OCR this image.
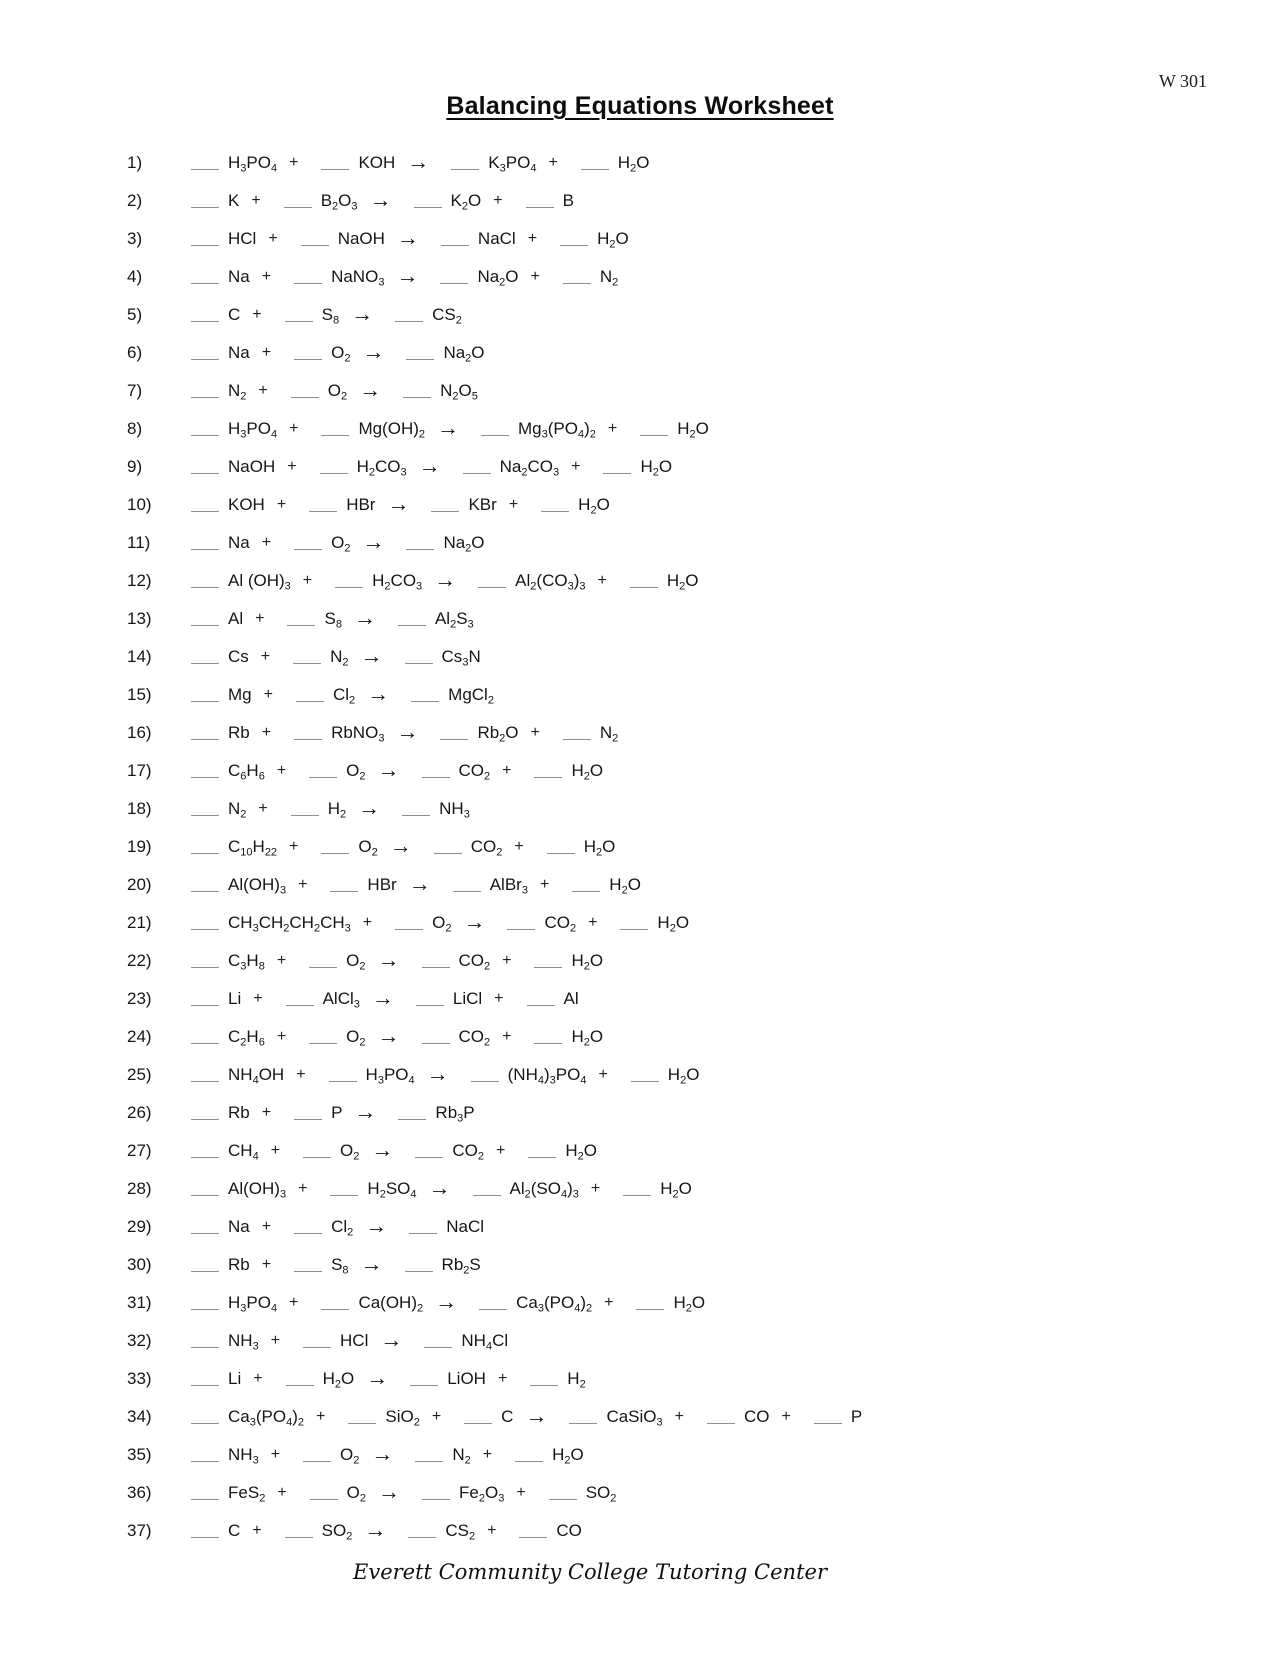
W 301
Balancing Equations Worksheet
1)	$H_3PO_4$ +	KOH →	$K_3PO_4$ +	$H_2O$
2)	K +	$B_2O_3$ →	$K_2O$ +	B
3)	HCl +	NaOH →	NaCl +	$H_2O$
4)	Na +	NaNO$_3$ →	$Na_2O$ +	$N_2$
5)	C +	$S_8$ →	$CS_2$
6)	Na +	$O_2$ →	$Na_2O$
7)	$N_2$ +	$O_2$ →	$N_2O_5$
8)	$H_3PO_4$ +	$Mg(OH)_2$ →	$Mg_3(PO_4)_2$ +	$H_2O$
9)	NaOH +	$H_2CO_3$ →	$Na_2CO_3$ +	$H_2O$
10)	KOH +	HBr →	KBr +	$H_2O$
11)	Na +	$O_2$ →	$Na_2O$
12)	Al $(OH)_3$ +	$H_2CO_3$ →	$Al_2(CO_3)_3$ +	$H_2O$
13)	Al +	$S_8$ →	$Al_2S_3$
14)	Cs +	$N_2$ →	$Cs_3N$
15)	Mg +	$Cl_2$ →	MgCl$_2$
16)	Rb +	RbNO$_3$ →	$Rb_2O$ +	$N_2$
17)	$C_6H_6$ +	$O_2$ →	$CO_2$ +	$H_2O$
18)	$N_2$ +	$H_2$ →	$NH_3$
19)	$C_{10}H_{22}$ +	$O_2$ →	$CO_2$ +	$H_2O$
20)	$Al(OH)_3$ +	HBr →	AlBr$_3$ +	$H_2O$
21)	$CH_3CH_2CH_2CH_3$ +	$O_2$ →	$CO_2$ +	$H_2O$
22)	$C_3H_8$ +	$O_2$ →	$CO_2$ +	$H_2O$
23)	Li +	AlCl$_3$ →	LiCl +	Al
24)	$C_2H_6$ +	$O_2$ →	$CO_2$ +	$H_2O$
25)	$NH_4OH$ +	$H_3PO_4$ →	$(NH_4)_3PO_4$ +	$H_2O$
26)	Rb +	P →	$Rb_3P$
27)	$CH_4$ +	$O_2$ →	$CO_2$ +	$H_2O$
28)	$Al(OH)_3$ +	$H_2SO_4$ →	$Al_2(SO_4)_3$ +	$H_2O$
29)	Na +	$Cl_2$ →	NaCl
30)	Rb +	$S_8$ →	$Rb_2S$
31)	$H_3PO_4$ +	$Ca(OH)_2$ →	$Ca_3(PO_4)_2$ +	$H_2O$
32)	$NH_3$ +	HCl →	$NH_4Cl$
33)	Li +	$H_2O$ →	LiOH +	$H_2$
34)	$Ca_3(PO_4)_2$ +	SiO$_2$ +	C →	CaSiO$_3$ +	CO +	P
35)	$NH_3$ +	$O_2$ →	$N_2$ +	$H_2O$
36)	FeS$_2$ +	$O_2$ →	$Fe_2O_3$ +	$SO_2$
37)	C +	$SO_2$ →	$CS_2$ +	CO
Everett Community College Tutoring Center
